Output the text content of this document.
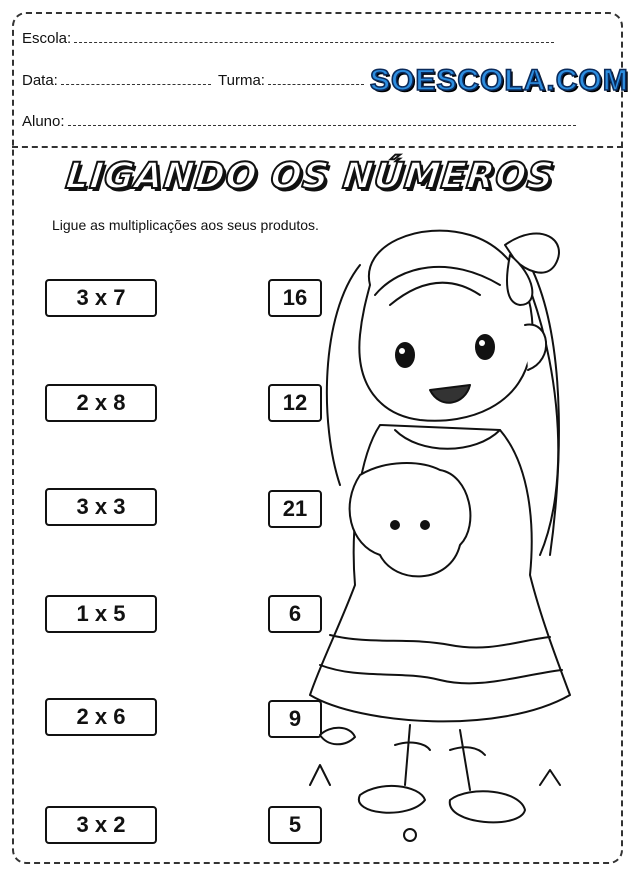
Escola:
Data:	Turma:	SOESCOLA.COM
Aluno:
LIGANDO OS NÚMEROS
Ligue as multiplicações aos seus produtos.
3 x 7
2 x 8
3 x 3
1 x 5
2 x 6
3 x 2
16
12
21
6
9
5
